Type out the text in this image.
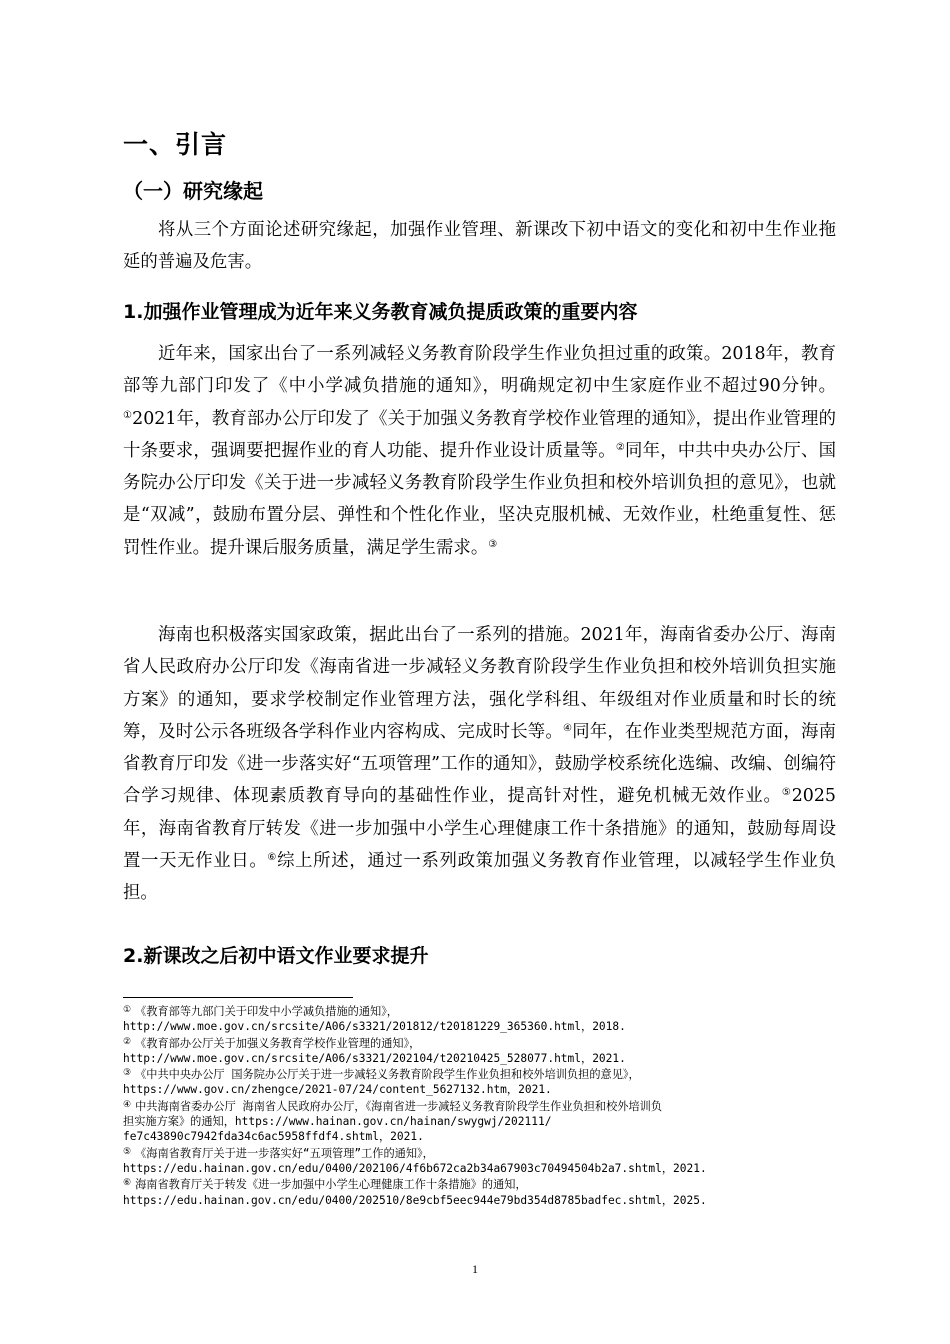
一、引言
（一）研究缘起

将从三个方面论述研究缘起，加强作业管理、新课改下初中语文的变化和初中生作业拖延的普遍及危害。

1.加强作业管理成为近年来义务教育减负提质政策的重要内容

近年来，国家出台了一系列减轻义务教育阶段学生作业负担过重的政策。2018年，教育部等九部门印发了《中小学减负措施的通知》，明确规定初中生家庭作业不超过90分钟。①2021年，教育部办公厅印发了《关于加强义务教育学校作业管理的通知》，提出作业管理的十条要求，强调要把握作业的育人功能、提升作业设计质量等。②同年，中共中央办公厅、国务院办公厅印发《关于进一步减轻义务教育阶段学生作业负担和校外培训负担的意见》，也就是“双减”，鼓励布置分层、弹性和个性化作业，坚决克服机械、无效作业，杜绝重复性、惩罚性作业。提升课后服务质量，满足学生需求。③

海南也积极落实国家政策，据此出台了一系列的措施。2021年，海南省委办公厅、海南省人民政府办公厅印发《海南省进一步减轻义务教育阶段学生作业负担和校外培训负担实施方案》的通知，要求学校制定作业管理方法，强化学科组、年级组对作业质量和时长的统筹，及时公示各班级各学科作业内容构成、完成时长等。④同年，在作业类型规范方面，海南省教育厅印发《进一步落实好“五项管理”工作的通知》，鼓励学校系统化选编、改编、创编符合学习规律、体现素质教育导向的基础性作业，提高针对性，避免机械无效作业。⑤2025年，海南省教育厅转发《进一步加强中小学生心理健康工作十条措施》的通知，鼓励每周设置一天无作业日。⑥综上所述，通过一系列政策加强义务教育作业管理，以减轻学生作业负担。

2.新课改之后初中语文作业要求提升
① 《教育部等九部门关于印发中小学减负措施的通知》，
http://www.moe.gov.cn/srcsite/A06/s3321/201812/t20181229_365360.html，2018.
② 《教育部办公厅关于加强义务教育学校作业管理的通知》，
http://www.moe.gov.cn/srcsite/A06/s3321/202104/t20210425_528077.html，2021.
③ 《中共中央办公厅 国务院办公厅关于进一步减轻义务教育阶段学生作业负担和校外培训负担的意见》，
https://www.gov.cn/zhengce/2021-07/24/content_5627132.htm，2021.
④ 中共海南省委办公厅 海南省人民政府办公厅，《海南省进一步减轻义务教育阶段学生作业负担和校外培训负
担实施方案》的通知，https://www.hainan.gov.cn/hainan/swygwj/202111/
fe7c43890c7942fda34c6ac5958ffdf4.shtml，2021.
⑤ 《海南省教育厅关于进一步落实好“五项管理”工作的通知》，
https://edu.hainan.gov.cn/edu/0400/202106/4f6b672ca2b34a67903c70494504b2a7.shtml，2021.
⑥ 海南省教育厅关于转发《进一步加强中小学生心理健康工作十条措施》的通知，
https://edu.hainan.gov.cn/edu/0400/202510/8e9cbf5eec944e79bd354d8785badfec.shtml，2025.
1
